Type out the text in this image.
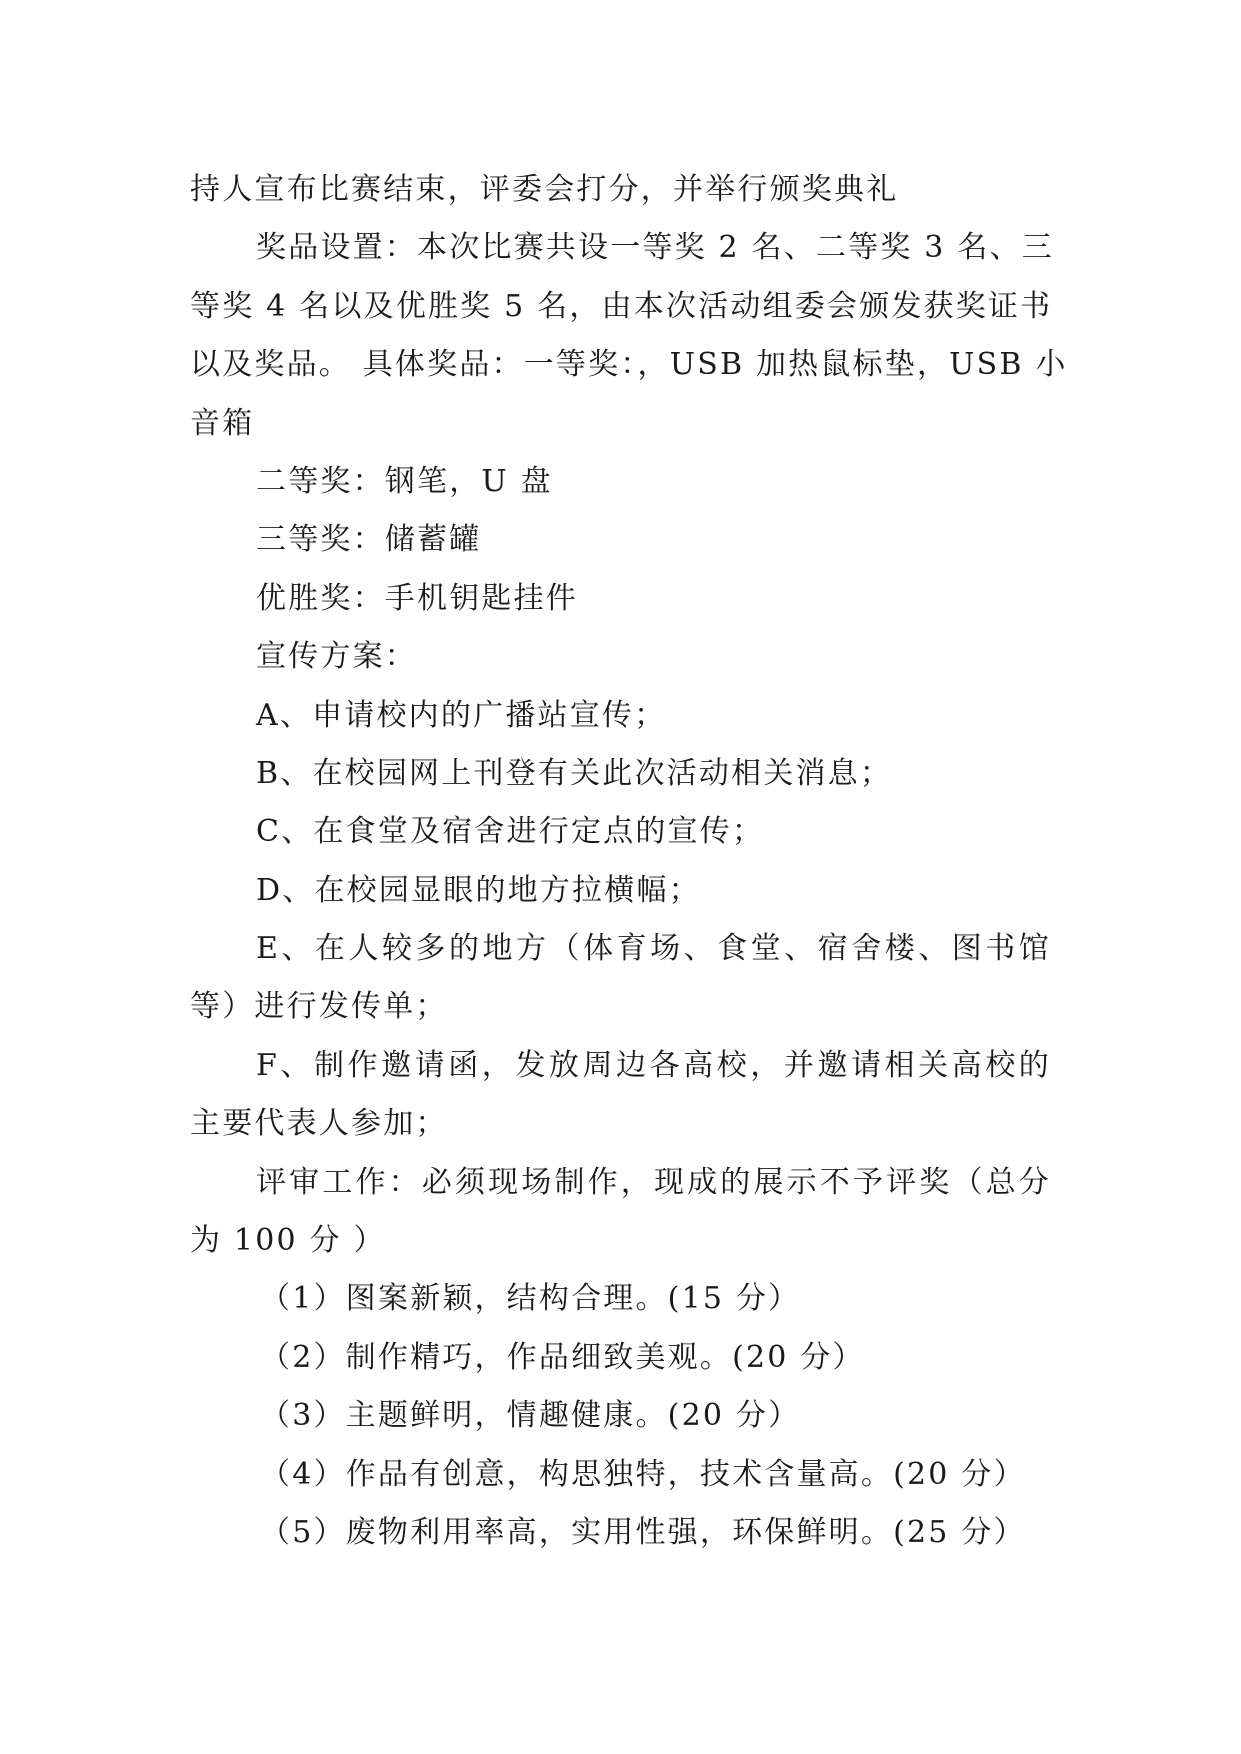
持人宣布比赛结束，评委会打分，并举行颁奖典礼
奖品设置：本次比赛共设一等奖 2 名、二等奖 3 名、三
等奖 4 名以及优胜奖 5 名，由本次活动组委会颁发获奖证书
以及奖品。 具体奖品：一等奖：，USB 加热鼠标垫，USB 小
音箱
二等奖：钢笔，U 盘
三等奖：储蓄罐
优胜奖：手机钥匙挂件
宣传方案：
A、申请校内的广播站宣传；
B、在校园网上刊登有关此次活动相关消息；
C、在食堂及宿舍进行定点的宣传；
D、在校园显眼的地方拉横幅；
E、在人较多的地方（体育场、食堂、宿舍楼、图书馆
等）进行发传单；
F、制作邀请函，发放周边各高校，并邀请相关高校的
主要代表人参加；
评审工作：必须现场制作，现成的展示不予评奖（总分
为 100 分 ）
（1）图案新颖，结构合理。(15 分）
（2）制作精巧，作品细致美观。(20 分）
（3）主题鲜明，情趣健康。(20 分）
（4）作品有创意，构思独特，技术含量高。(20 分）
（5）废物利用率高，实用性强，环保鲜明。(25 分）
